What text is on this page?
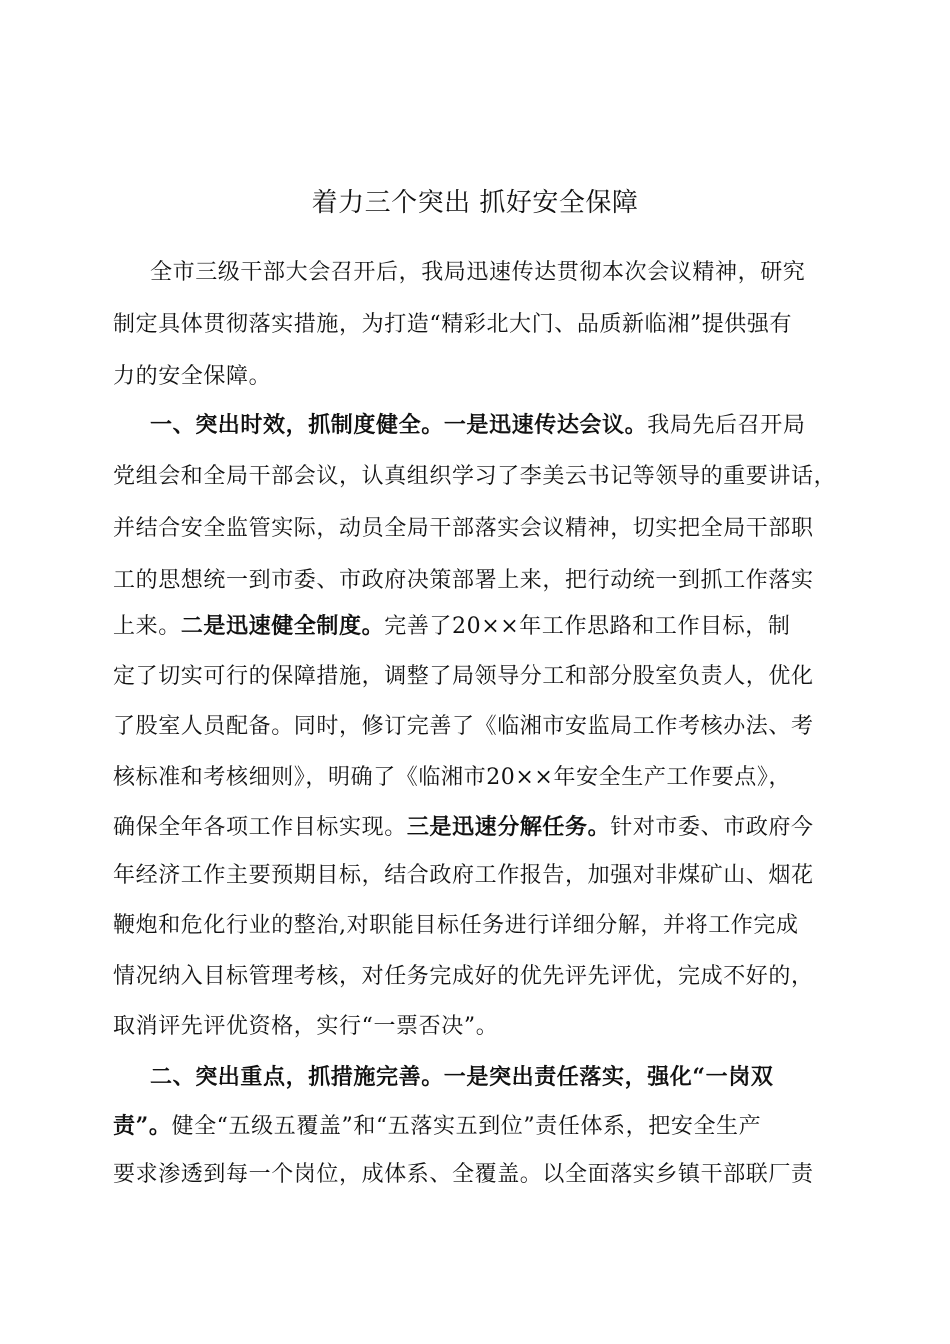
着力三个突出 抓好安全保障
全市三级干部大会召开后，我局迅速传达贯彻本次会议精神，研究
制定具体贯彻落实措施，为打造“精彩北大门、品质新临湘”提供强有
力的安全保障。
一、突出时效，抓制度健全。一是迅速传达会议。我局先后召开局
党组会和全局干部会议，认真组织学习了李美云书记等领导的重要讲话，
并结合安全监管实际，动员全局干部落实会议精神，切实把全局干部职
工的思想统一到市委、市政府决策部署上来，把行动统一到抓工作落实
上来。二是迅速健全制度。完善了20××年工作思路和工作目标，制
定了切实可行的保障措施，调整了局领导分工和部分股室负责人，优化
了股室人员配备。同时，修订完善了《临湘市安监局工作考核办法、考
核标准和考核细则》，明确了《临湘市20××年安全生产工作要点》，
确保全年各项工作目标实现。三是迅速分解任务。针对市委、市政府今
年经济工作主要预期目标，结合政府工作报告，加强对非煤矿山、烟花
鞭炮和危化行业的整治,对职能目标任务进行详细分解，并将工作完成
情况纳入目标管理考核，对任务完成好的优先评先评优，完成不好的，
取消评先评优资格，实行“一票否决”。
二、突出重点，抓措施完善。一是突出责任落实，强化“一岗双
责”。健全“五级五覆盖”和“五落实五到位”责任体系，把安全生产
要求渗透到每一个岗位，成体系、全覆盖。以全面落实乡镇干部联厂责
